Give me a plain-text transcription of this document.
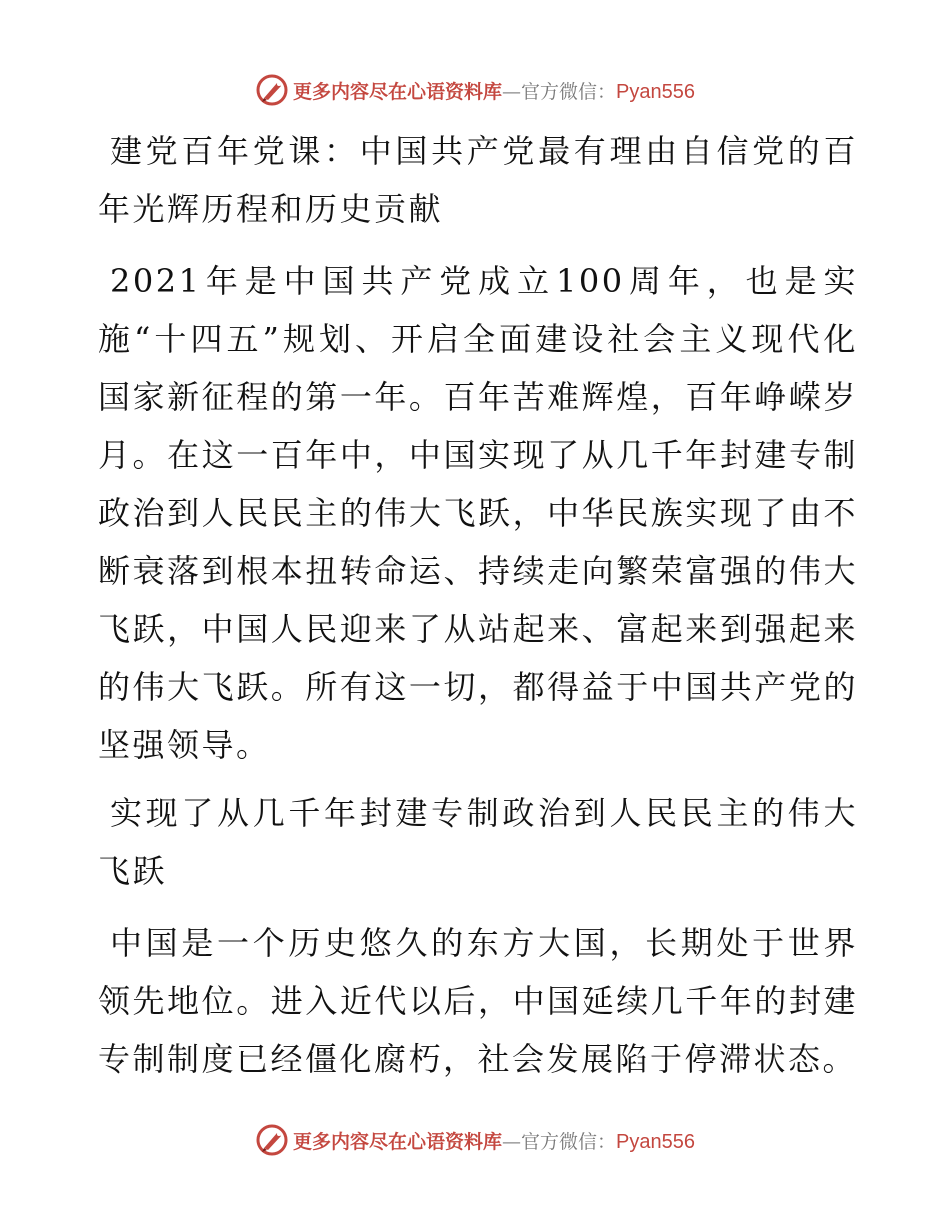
更多内容尽在心语资料库—官方微信：Pyan556

建党百年党课：中国共产党最有理由自信党的百年光辉历程和历史贡献

2021年是中国共产党成立100周年，也是实施“十四五”规划、开启全面建设社会主义现代化国家新征程的第一年。百年苦难辉煌，百年峥嵘岁月。在这一百年中，中国实现了从几千年封建专制政治到人民民主的伟大飞跃，中华民族实现了由不断衰落到根本扭转命运、持续走向繁荣富强的伟大飞跃，中国人民迎来了从站起来、富起来到强起来的伟大飞跃。所有这一切，都得益于中国共产党的坚强领导。

实现了从几千年封建专制政治到人民民主的伟大飞跃

中国是一个历史悠久的东方大国，长期处于世界领先地位。进入近代以后，中国延续几千年的封建专制制度已经僵化腐朽，社会发展陷于停滞状态。

更多内容尽在心语资料库—官方微信：Pyan556
